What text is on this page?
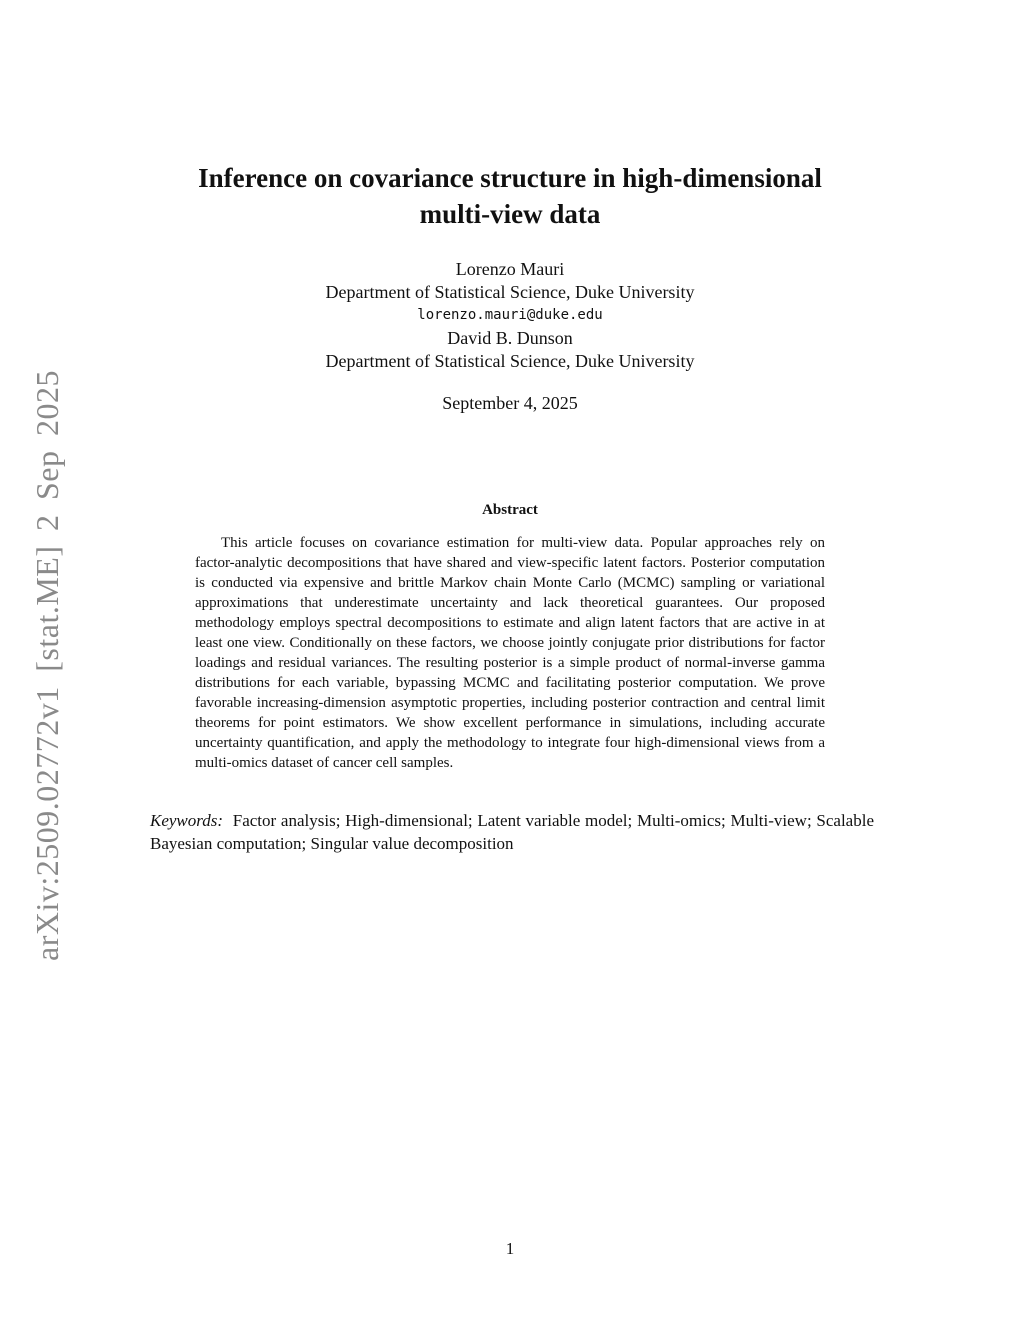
arXiv:2509.02772v1 [stat.ME] 2 Sep 2025
Inference on covariance structure in high-dimensional
multi-view data
Lorenzo Mauri
Department of Statistical Science, Duke University
lorenzo.mauri@duke.edu
David B. Dunson
Department of Statistical Science, Duke University
September 4, 2025
Abstract

This article focuses on covariance estimation for multi-view data. Popular approaches rely on factor-analytic decompositions that have shared and view-specific latent factors. Posterior computation is conducted via expensive and brittle Markov chain Monte Carlo (MCMC) sampling or variational approximations that underestimate uncertainty and lack theoretical guarantees. Our proposed methodology employs spectral decompositions to estimate and align latent factors that are active in at least one view. Conditionally on these factors, we choose jointly conjugate prior distributions for factor loadings and residual variances. The resulting posterior is a simple product of normal-inverse gamma distributions for each variable, bypassing MCMC and facilitating posterior computation. We prove favorable increasing-dimension asymptotic properties, including posterior contraction and central limit theorems for point estimators. We show excellent performance in simulations, including accurate uncertainty quantification, and apply the methodology to integrate four high-dimensional views from a multi-omics dataset of cancer cell samples.

Keywords: Factor analysis; High-dimensional; Latent variable model; Multi-omics; Multi-view; Scalable Bayesian computation; Singular value decomposition

1
